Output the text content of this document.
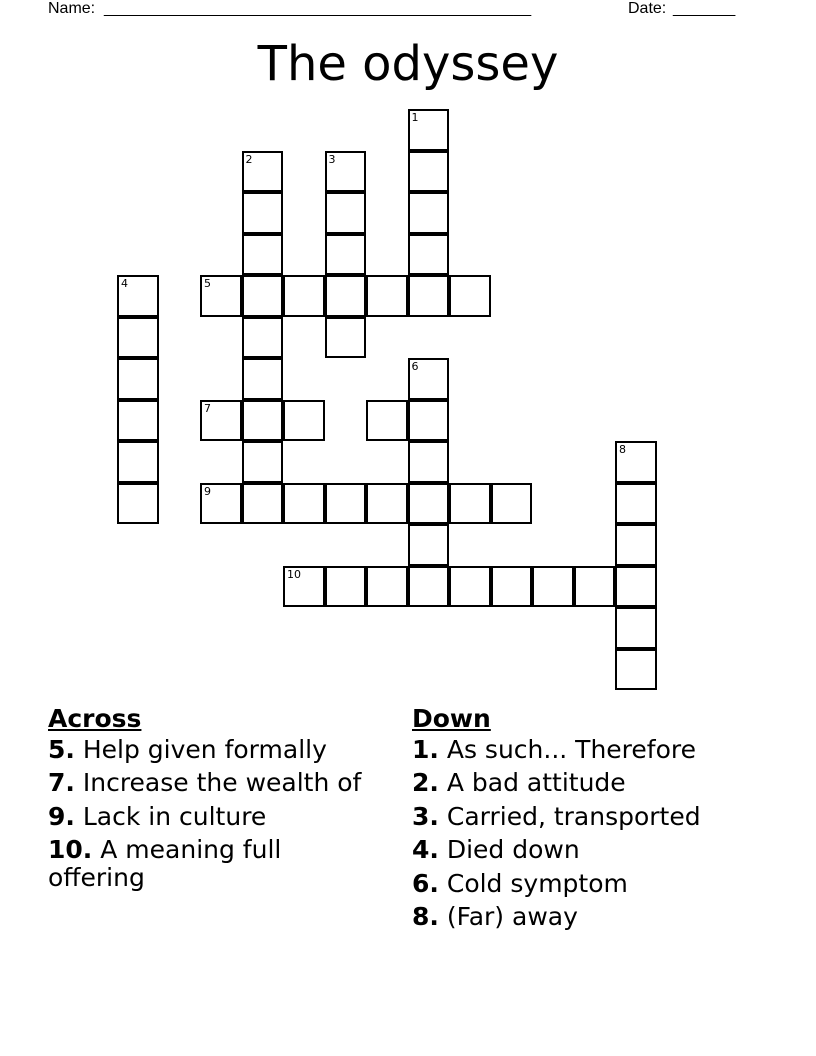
Name: ________________________________________________	Date: _______
The odyssey
1
2	3
4	5
6
7
8
9
10
Across
5. Help given formally
7. Increase the wealth of
9. Lack in culture
10. A meaning full offering
Down
1. As such... Therefore
2. A bad attitude
3. Carried, transported
4. Died down
6. Cold symptom
8. (Far) away
